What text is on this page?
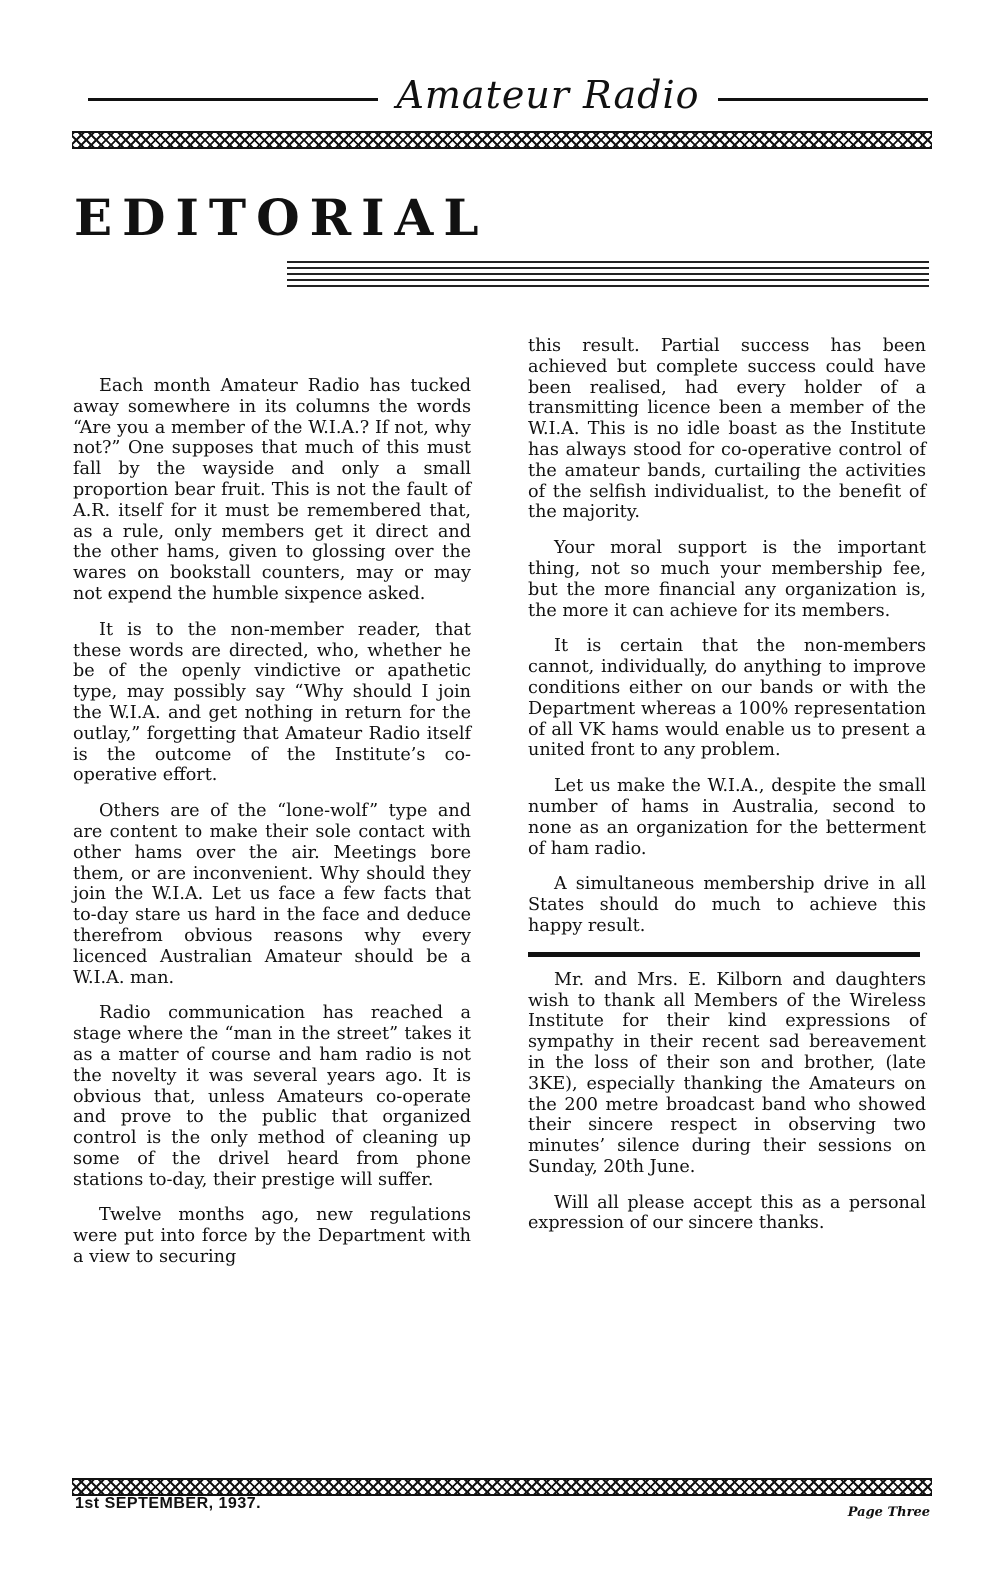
Amateur Radio
EDITORIAL

Each month Amateur Radio has tucked away somewhere in its columns the words “Are you a member of the W.I.A.? If not, why not?” One supposes that much of this must fall by the wayside and only a small proportion bear fruit. This is not the fault of A.R. itself for it must be remembered that, as a rule, only members get it direct and the other hams, given to glossing over the wares on bookstall counters, may or may not expend the humble sixpence asked.

It is to the non-member reader, that these words are directed, who, whether he be of the openly vindictive or apathetic type, may possibly say “Why should I join the W.I.A. and get nothing in return for the outlay,” forgetting that Amateur Radio itself is the outcome of the Institute’s co-operative effort.

Others are of the “lone-wolf” type and are content to make their sole contact with other hams over the air. Meetings bore them, or are inconvenient. Why should they join the W.I.A. Let us face a few facts that to-day stare us hard in the face and deduce therefrom obvious reasons why every licenced Australian Amateur should be a W.I.A. man.

Radio communication has reached a stage where the “man in the street” takes it as a matter of course and ham radio is not the novelty it was several years ago. It is obvious that, unless Amateurs co-operate and prove to the public that organized control is the only method of cleaning up some of the drivel heard from phone stations to-day, their prestige will suffer.

Twelve months ago, new regulations were put into force by the Department with a view to securing

this result. Partial success has been achieved but complete success could have been realised, had every holder of a transmitting licence been a member of the W.I.A. This is no idle boast as the Institute has always stood for co-operative control of the amateur bands, curtailing the activities of the selfish individualist, to the benefit of the majority.

Your moral support is the important thing, not so much your membership fee, but the more financial any organization is, the more it can achieve for its members.

It is certain that the non-members cannot, individually, do anything to improve conditions either on our bands or with the Department whereas a 100% representation of all VK hams would enable us to present a united front to any problem.

Let us make the W.I.A., despite the small number of hams in Australia, second to none as an organization for the betterment of ham radio.

A simultaneous membership drive in all States should do much to achieve this happy result.

Mr. and Mrs. E. Kilborn and daughters wish to thank all Members of the Wireless Institute for their kind expressions of sympathy in their recent sad bereavement in the loss of their son and brother, (late 3KE), especially thanking the Amateurs on the 200 metre broadcast band who showed their sincere respect in observing two minutes’ silence during their sessions on Sunday, 20th June.

Will all please accept this as a personal expression of our sincere thanks.

1st SEPTEMBER, 1937.
Page Three
